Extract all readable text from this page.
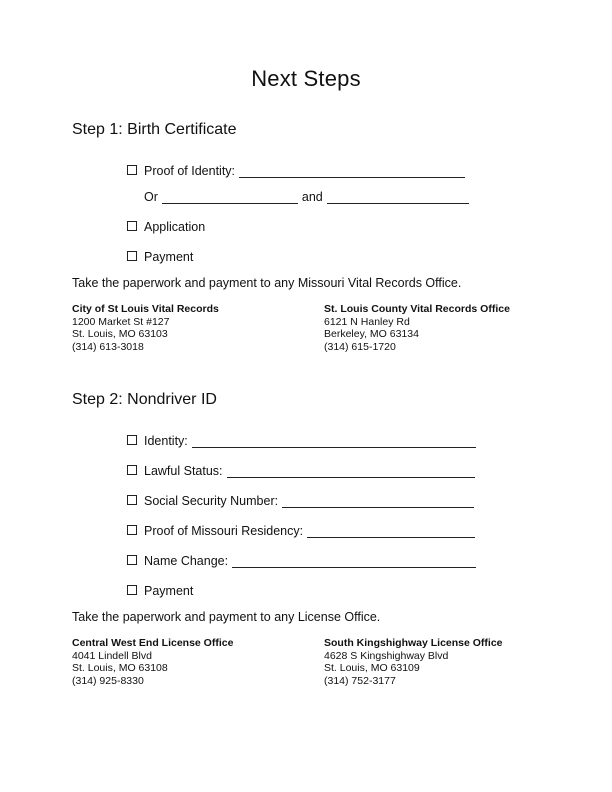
Next Steps
Step 1: Birth Certificate
Proof of Identity:
Or	and
Application
Payment
Take the paperwork and payment to any Missouri Vital Records Office.
City of St Louis Vital Records
1200 Market St #127
St. Louis, MO 63103
(314) 613-3018
St. Louis County Vital Records Office
6121 N Hanley Rd
Berkeley, MO 63134
(314) 615-1720
Step 2: Nondriver ID
Identity:
Lawful Status:
Social Security Number:
Proof of Missouri Residency:
Name Change:
Payment
Take the paperwork and payment to any License Office.
Central West End License Office
4041 Lindell Blvd
St. Louis, MO 63108
(314) 925-8330
South Kingshighway License Office
4628 S Kingshighway Blvd
St. Louis, MO 63109
(314) 752-3177
